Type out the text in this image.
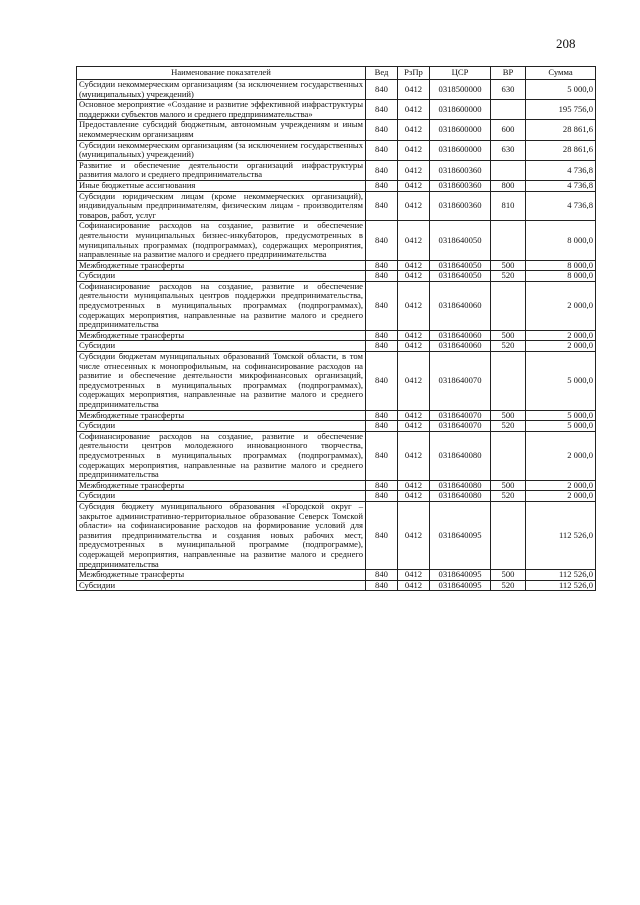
208
Наименование показателей	Вед	РзПр	ЦСР	ВР	Сумма
Субсидии некоммерческим организациям (за исключением государственных (муниципальных) учреждений)	840	0412	0318500000	630	5 000,0
Основное мероприятие «Создание и развитие эффективной инфраструктуры поддержки субъектов малого и среднего предпринимательства»	840	0412	0318600000		195 756,0
Предоставление субсидий бюджетным, автономным учреждениям и иным некоммерческим организациям	840	0412	0318600000	600	28 861,6
Субсидии некоммерческим организациям (за исключением государственных (муниципальных) учреждений)	840	0412	0318600000	630	28 861,6
Развитие и обеспечение деятельности организаций инфраструктуры развития малого и среднего предпринимательства	840	0412	0318600360		4 736,8
Иные бюджетные ассигнования	840	0412	0318600360	800	4 736,8
Субсидии юридическим лицам (кроме некоммерческих организаций), индивидуальным предпринимателям, физическим лицам - производителям товаров, работ, услуг	840	0412	0318600360	810	4 736,8
Софинансирование расходов на создание, развитие и обеспечение деятельности муниципальных бизнес-инкубаторов, предусмотренных в муниципальных программах (подпрограммах), содержащих мероприятия, направленные на развитие малого и среднего предпринимательства	840	0412	0318640050		8 000,0
Межбюджетные трансферты	840	0412	0318640050	500	8 000,0
Субсидии	840	0412	0318640050	520	8 000,0
Софинансирование расходов на создание, развитие и обеспечение деятельности муниципальных центров поддержки предпринимательства, предусмотренных в муниципальных программах (подпрограммах), содержащих мероприятия, направленные на развитие малого и среднего предпринимательства	840	0412	0318640060		2 000,0
Межбюджетные трансферты	840	0412	0318640060	500	2 000,0
Субсидии	840	0412	0318640060	520	2 000,0
Субсидии бюджетам муниципальных образований Томской области, в том числе отнесенных к монопрофильным, на софинансирование расходов на развитие и обеспечение деятельности микрофинансовых организаций, предусмотренных в муниципальных программах (подпрограммах), содержащих мероприятия, направленные на развитие малого и среднего предпринимательства	840	0412	0318640070		5 000,0
Межбюджетные трансферты	840	0412	0318640070	500	5 000,0
Субсидии	840	0412	0318640070	520	5 000,0
Софинансирование расходов на создание, развитие и обеспечение деятельности центров молодежного инновационного творчества, предусмотренных в муниципальных программах (подпрограммах), содержащих мероприятия, направленные на развитие малого и среднего предпринимательства	840	0412	0318640080		2 000,0
Межбюджетные трансферты	840	0412	0318640080	500	2 000,0
Субсидии	840	0412	0318640080	520	2 000,0
Субсидия бюджету муниципального образования «Городской округ – закрытое административно-территориальное образование Северск Томской области» на софинансирование расходов на формирование условий для развития предпринимательства и создания новых рабочих мест, предусмотренных в муниципальной программе (подпрограмме), содержащей мероприятия, направленные на развитие малого и среднего предпринимательства	840	0412	0318640095		112 526,0
Межбюджетные трансферты	840	0412	0318640095	500	112 526,0
Субсидии	840	0412	0318640095	520	112 526,0
